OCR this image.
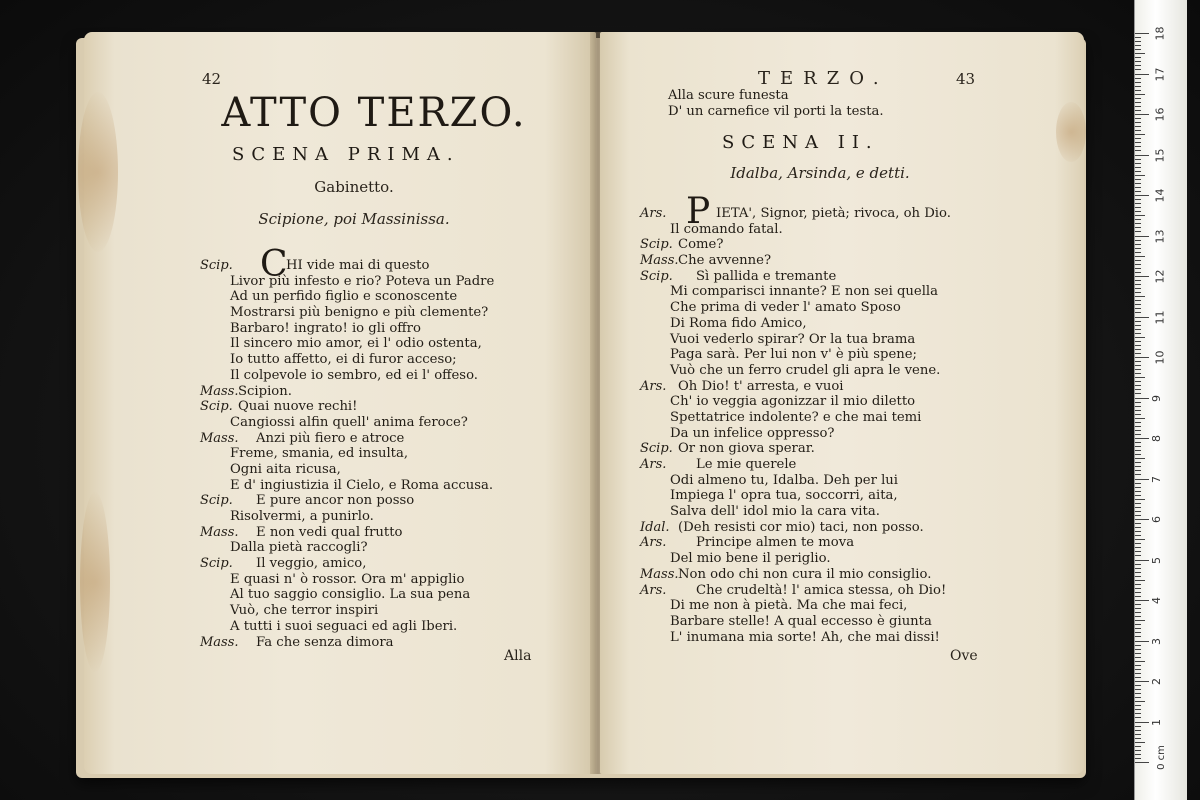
42
ATTO TERZO.
SCENA PRIMA.
Gabinetto.
Scipione, poi Massinissa.
C
Scip.	HI vide mai di questo
Livor più infesto e rio? Poteva un Padre
Ad un perfido figlio e sconoscente
Mostrarsi più benigno e più clemente?
Barbaro! ingrato! io gli offro
Il sincero mio amor, ei l' odio ostenta,
Io tutto affetto, ei di furor acceso;
Il colpevole io sembro, ed ei l' offeso.
Mass. Scipion.
Scip. Quai nuove rechi!
Cangiossi alfin quell' anima feroce?
Mass. Anzi più fiero e atroce
Freme, smania, ed insulta,
Ogni aita ricusa,
E d' ingiustizia il Cielo, e Roma accusa.
Scip. E pure ancor non posso
Risolvermi, a punirlo.
Mass. E non vedi qual frutto
Dalla pietà raccogli?
Scip. Il veggio, amico,
E quasi n' ò rossor. Ora m' appiglio
Al tuo saggio consiglio. La sua pena
Vuò, che terror inspiri
A tutti i suoi seguaci ed agli Iberi.
Mass. Fa che senza dimora
Alla
TERZO.	43
Alla scure funesta
D' un carnefice vil porti la testa.
SCENA II.
Idalba, Arsinda, e detti.
P
Ars.	IETA', Signor, pietà; rivoca, oh Dio.
Il comando fatal.
Scip. Come?
Mass. Che avvenne?
Scip. Sì pallida e tremante
Mi comparisci innante? E non sei quella
Che prima di veder l' amato Sposo
Di Roma fido Amico,
Vuoi vederlo spirar? Or la tua brama
Paga sarà. Per lui non v' è più spene;
Vuò che un ferro crudel gli apra le vene.
Ars. Oh Dio! t' arresta, e vuoi
Ch' io veggia agonizzar il mio diletto
Spettatrice indolente? e che mai temi
Da un infelice oppresso?
Scip. Or non giova sperar.
Ars. Le mie querele
Odi almeno tu, Idalba. Deh per lui
Impiega l' opra tua, soccorri, aita,
Salva dell' idol mio la cara vita.
Idal. (Deh resisti cor mio) taci, non posso.
Ars. Principe almen te mova
Del mio bene il periglio.
Mass. Non odo chi non cura il mio consiglio.
Ars. Che crudeltà! l' amica stessa, oh Dio!
Di me non à pietà. Ma che mai feci,
Barbare stelle! A qual eccesso è giunta
L' inumana mia sorte! Ah, che mai dissi!
Ove
0 cm
1
2
3
4
5
6
7
8
9
10
11
12
13
14
15
16
17
18
